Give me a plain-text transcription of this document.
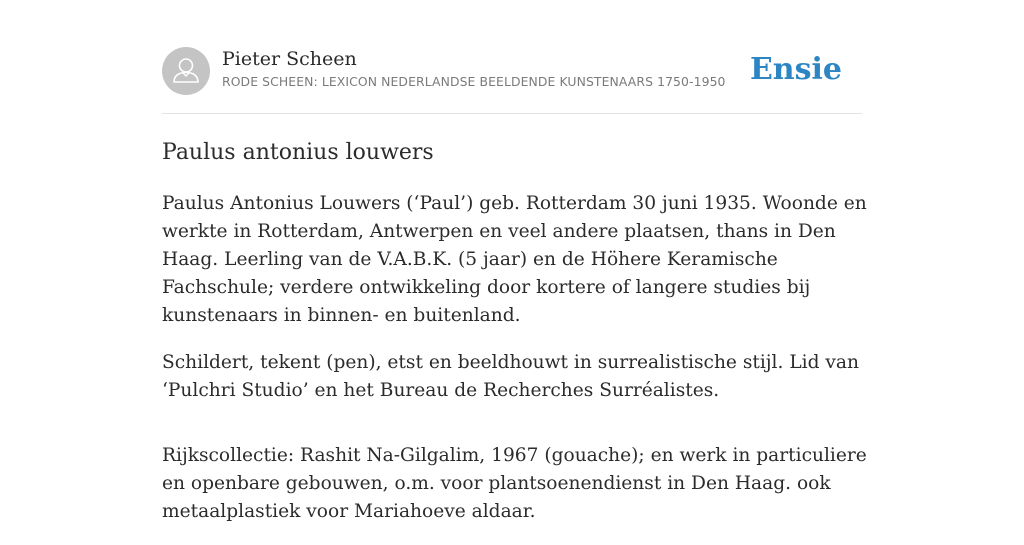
Pieter Scheen
RODE SCHEEN: LEXICON NEDERLANDSE BEELDENDE KUNSTENAARS 1750-1950 Ensie
Paulus antonius louwers

Paulus Antonius Louwers (‘Paul’) geb. Rotterdam 30 juni 1935. Woonde en werkte in Rotterdam, Antwerpen en veel andere plaatsen, thans in Den Haag. Leerling van de V.A.B.K. (5 jaar) en de Höhere Keramische Fachschule; verdere ontwikkeling door kortere of langere studies bij kunstenaars in binnen- en buitenland.

Schildert, tekent (pen), etst en beeldhouwt in surrealistische stijl. Lid van ‘Pulchri Studio’ en het Bureau de Recherches Surréalistes.

Rijkscollectie: Rashit Na-Gilgalim, 1967 (gouache); en werk in particuliere en openbare gebouwen, o.m. voor plantsoenendienst in Den Haag. ook metaalplastiek voor Mariahoeve aldaar.
